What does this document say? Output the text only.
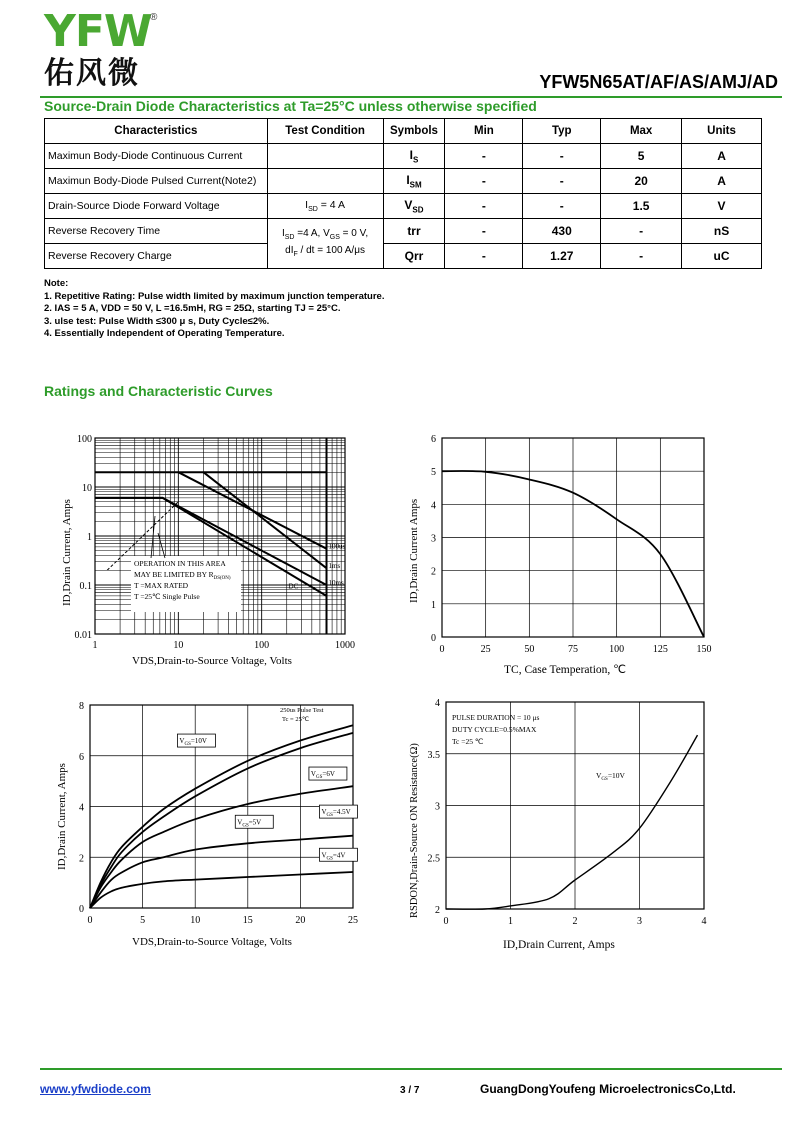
YFW
®
佑风微	YFW5N65AT/AF/AS/AMJ/AD
Source-Drain Diode Characteristics at Ta=25°C unless otherwise specified
Characteristics	Test Condition	Symbols	Min	Typ	Max	Units
Maximun Body-Diode Continuous Current		$I_S$	-	-	5	A
Maximun Body-Diode Pulsed Current(Note2)		$I_{SM}$	-	-	20	A
Drain-Source Diode Forward Voltage	$I_{SD} = 4$ A	$V_{SD}$	-	-	1.5	V
Reverse Recovery Time	$I_{SD} =4$ A, $V_{GS} = 0$ V,
$dI_F$ / dt = 100 A/μs	trr	-	430	-	nS
Reverse Recovery Charge		Qrr	-	1.27	-	uC
Note:
1. Repetitive Rating: Pulse width limited by maximum junction temperature.
2. IAS = 5 A, VDD = 50 V, L =16.5mH, RG = 25Ω, starting TJ = 25°C.
3. ulse test: Pulse Width ≤300 μ s, Duty Cycle≤2%.
4. Essentially Independent of Operating Temperature.
Ratings and Characteristic Curves
100us
1ms
10ms
DC
1	10	100	1000
0.01
0.1
1
10
100
OPERATION IN THIS AREA
MAY BE LIMITED BY $R_{DS(ON)}$
T =MAX RATED
T =25℃ Single Pulse
VDS,Drain-to-Source Voltage, Volts
ID,Drain Current, Amps
0	25	50	75	100	125	150
0
1
2
3
4
5
6
TC, Case Temperation, ℃
ID,Drain Current Amps
0	5	10	15	20	25
0
2
4
6
8	250us Pulse Test
Tc = 25℃
$V_{GS}=10V$
$V_{GS}=6V$
$V_{GS}=5V$
$V_{GS}=4.5V$
$V_{GS}=4V$
VDS,Drain-to-Source Voltage, Volts
ID,Drain Current, Amps
0	1	2	3	4
2
2.5
3
3.5
4
PULSE DURATION = 10 μs
DUTY CYCLE=0.5%MAX
Tc =25 ℃
$V_{GS}=10V$
ID,Drain Current, Amps
RSDON,Drain-Source ON Resistance(Ω)
www.yfwdiode.com	3 / 7	GuangDongYoufeng MicroelectronicsCo,Ltd.
